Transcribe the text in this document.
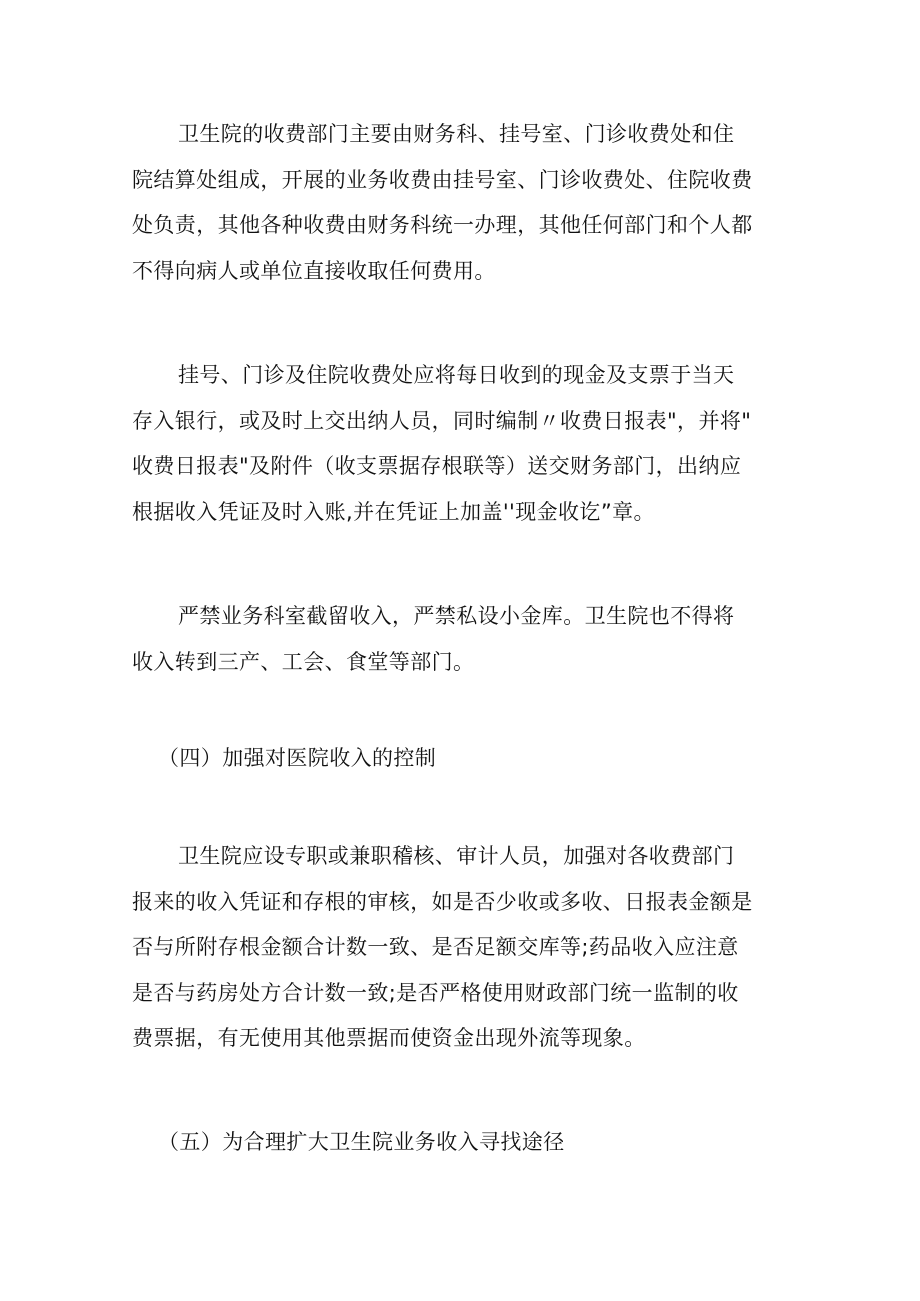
卫生院的收费部门主要由财务科、挂号室、门诊收费处和住
院结算处组成，开展的业务收费由挂号室、门诊收费处、住院收费
处负责，其他各种收费由财务科统一办理，其他任何部门和个人都
不得向病人或单位直接收取任何费用。

挂号、门诊及住院收费处应将每日收到的现金及支票于当天
存入银行，或及时上交出纳人员，同时编制〃收费日报表"，并将"
收费日报表"及附件（收支票据存根联等）送交财务部门，出纳应
根据收入凭证及时入账,并在凭证上加盖''现金收讫”章。

严禁业务科室截留收入，严禁私设小金库。卫生院也不得将
收入转到三产、工会、食堂等部门。

（四）加强对医院收入的控制

卫生院应设专职或兼职稽核、审计人员，加强对各收费部门
报来的收入凭证和存根的审核，如是否少收或多收、日报表金额是
否与所附存根金额合计数一致、是否足额交库等;药品收入应注意
是否与药房处方合计数一致;是否严格使用财政部门统一监制的收
费票据，有无使用其他票据而使资金出现外流等现象。

（五）为合理扩大卫生院业务收入寻找途径
